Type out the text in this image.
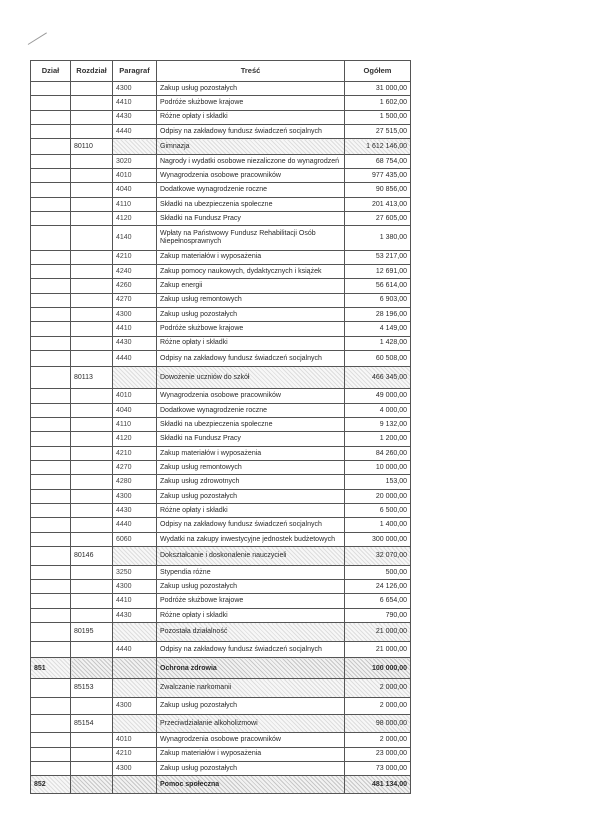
Dział	Rozdział	Paragraf	Treść	Ogółem
		4300	Zakup usług pozostałych	31 000,00
		4410	Podróże służbowe krajowe	1 602,00
		4430	Różne opłaty i składki	1 500,00
		4440	Odpisy na zakładowy fundusz świadczeń socjalnych	27 515,00
	80110		Gimnazja	1 612 146,00
		3020	Nagrody i wydatki osobowe niezaliczone do wynagrodzeń	68 754,00
		4010	Wynagrodzenia osobowe pracowników	977 435,00
		4040	Dodatkowe wynagrodzenie roczne	90 856,00
		4110	Składki na ubezpieczenia społeczne	201 413,00
		4120	Składki na Fundusz Pracy	27 605,00
		4140	Wpłaty na Państwowy Fundusz Rehabilitacji Osób Niepełnosprawnych	1 380,00
		4210	Zakup materiałów i wyposażenia	53 217,00
		4240	Zakup pomocy naukowych, dydaktycznych i książek	12 691,00
		4260	Zakup energii	56 614,00
		4270	Zakup usług remontowych	6 903,00
		4300	Zakup usług pozostałych	28 196,00
		4410	Podróże służbowe krajowe	4 149,00
		4430	Różne opłaty i składki	1 428,00
		4440	Odpisy na zakładowy fundusz świadczeń socjalnych	60 508,00
	80113		Dowożenie uczniów do szkół	466 345,00
		4010	Wynagrodzenia osobowe pracowników	49 000,00
		4040	Dodatkowe wynagrodzenie roczne	4 000,00
		4110	Składki na ubezpieczenia społeczne	9 132,00
		4120	Składki na Fundusz Pracy	1 200,00
		4210	Zakup materiałów i wyposażenia	84 260,00
		4270	Zakup usług remontowych	10 000,00
		4280	Zakup usług zdrowotnych	153,00
		4300	Zakup usług pozostałych	20 000,00
		4430	Różne opłaty i składki	6 500,00
		4440	Odpisy na zakładowy fundusz świadczeń socjalnych	1 400,00
		6060	Wydatki na zakupy inwestycyjne jednostek budżetowych	300 000,00
	80146		Dokształcanie i doskonalenie nauczycieli	32 070,00
		3250	Stypendia różne	500,00
		4300	Zakup usług pozostałych	24 126,00
		4410	Podróże służbowe krajowe	6 654,00
		4430	Różne opłaty i składki	790,00
	80195		Pozostała działalność	21 000,00
		4440	Odpisy na zakładowy fundusz świadczeń socjalnych	21 000,00
851			Ochrona zdrowia	100 000,00
	85153		Zwalczanie narkomanii	2 000,00
		4300	Zakup usług pozostałych	2 000,00
	85154		Przeciwdziałanie alkoholizmowi	98 000,00
		4010	Wynagrodzenia osobowe pracowników	2 000,00
		4210	Zakup materiałów i wyposażenia	23 000,00
		4300	Zakup usług pozostałych	73 000,00
852			Pomoc społeczna	481 134,00
